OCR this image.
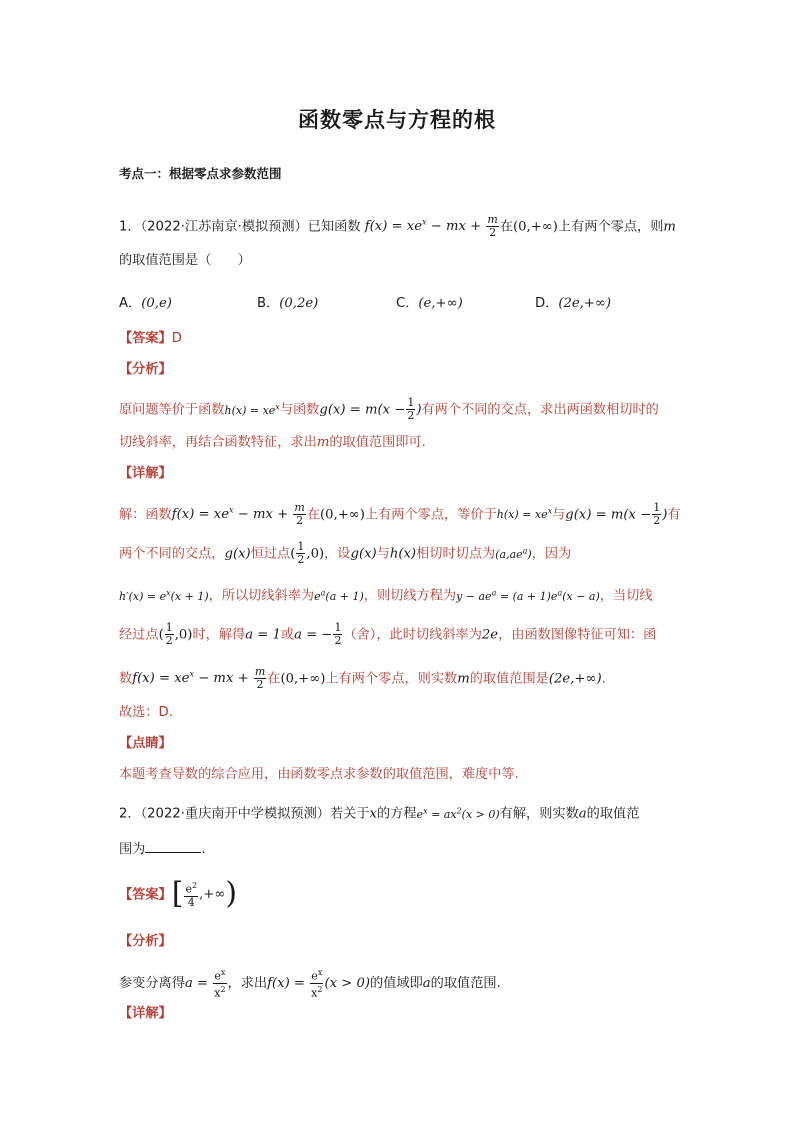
函数零点与方程的根
考点一：根据零点求参数范围
1．（2022·江苏南京·模拟预测）已知函数 $f(x) = xe^x$ − mx + $\frac{m}{2}$ 在(0,+∞)上有两个零点，则m
的取值范围是（　　）
A．(0,e)	B．(0,2e)	C．(e,+∞)	D．(2e,+∞)
【答案】D
【分析】
原问题等价于函数$h(x) = xe^x$与函数$g(x) = m(x - \frac{1}{2}$ )有两个不同的交点，求出两函数相切时的
切线斜率，再结合函数特征，求出m的取值范围即可.
【详解】
解：函数$f(x) = xe^x$ − mx + $\frac{m}{2}$ 在(0,+∞)上有两个零点，等价于$h(x) = xe^x$与$g(x) = m(x - \frac{1}{2}$ )有
两个不同的交点，g(x)恒过点( $\frac{1}{2} ,0$)，设g(x)与h(x)相切时切点为$(a,ae^a)$，因为
$h'(x) = e^x(x + 1)$，所以切线斜率为$e^a(a + 1)$，则切线方程为$y - ae^a = (a + 1)e^a(x - a)$，当切线
经过点( $\frac{1}{2} ,0$)时，解得a = 1或a = − $\frac{1}{2}$ （舍），此时切线斜率为2e，由函数图像特征可知：函
数$f(x) = xe^x$ − mx + $\frac{m}{2}$ 在(0,+∞)上有两个零点，则实数m的取值范围是(2e,+∞).
故选：D.
【点睛】
本题考查导数的综合应用，由函数零点求参数的取值范围，难度中等.
2．（2022·重庆南开中学模拟预测）若关于x的方程$e^x = ax^2(x > 0)$有解，则实数a的取值范
围为	.
【答案】[ $\frac{e^2}{4}$ ,+∞)
【分析】
参变分离得$a = \frac{e^x}{x^2}$ ，求出$f(x) = \frac{e^x}{x^2} (x > 0)$的值域即a的取值范围.
【详解】
